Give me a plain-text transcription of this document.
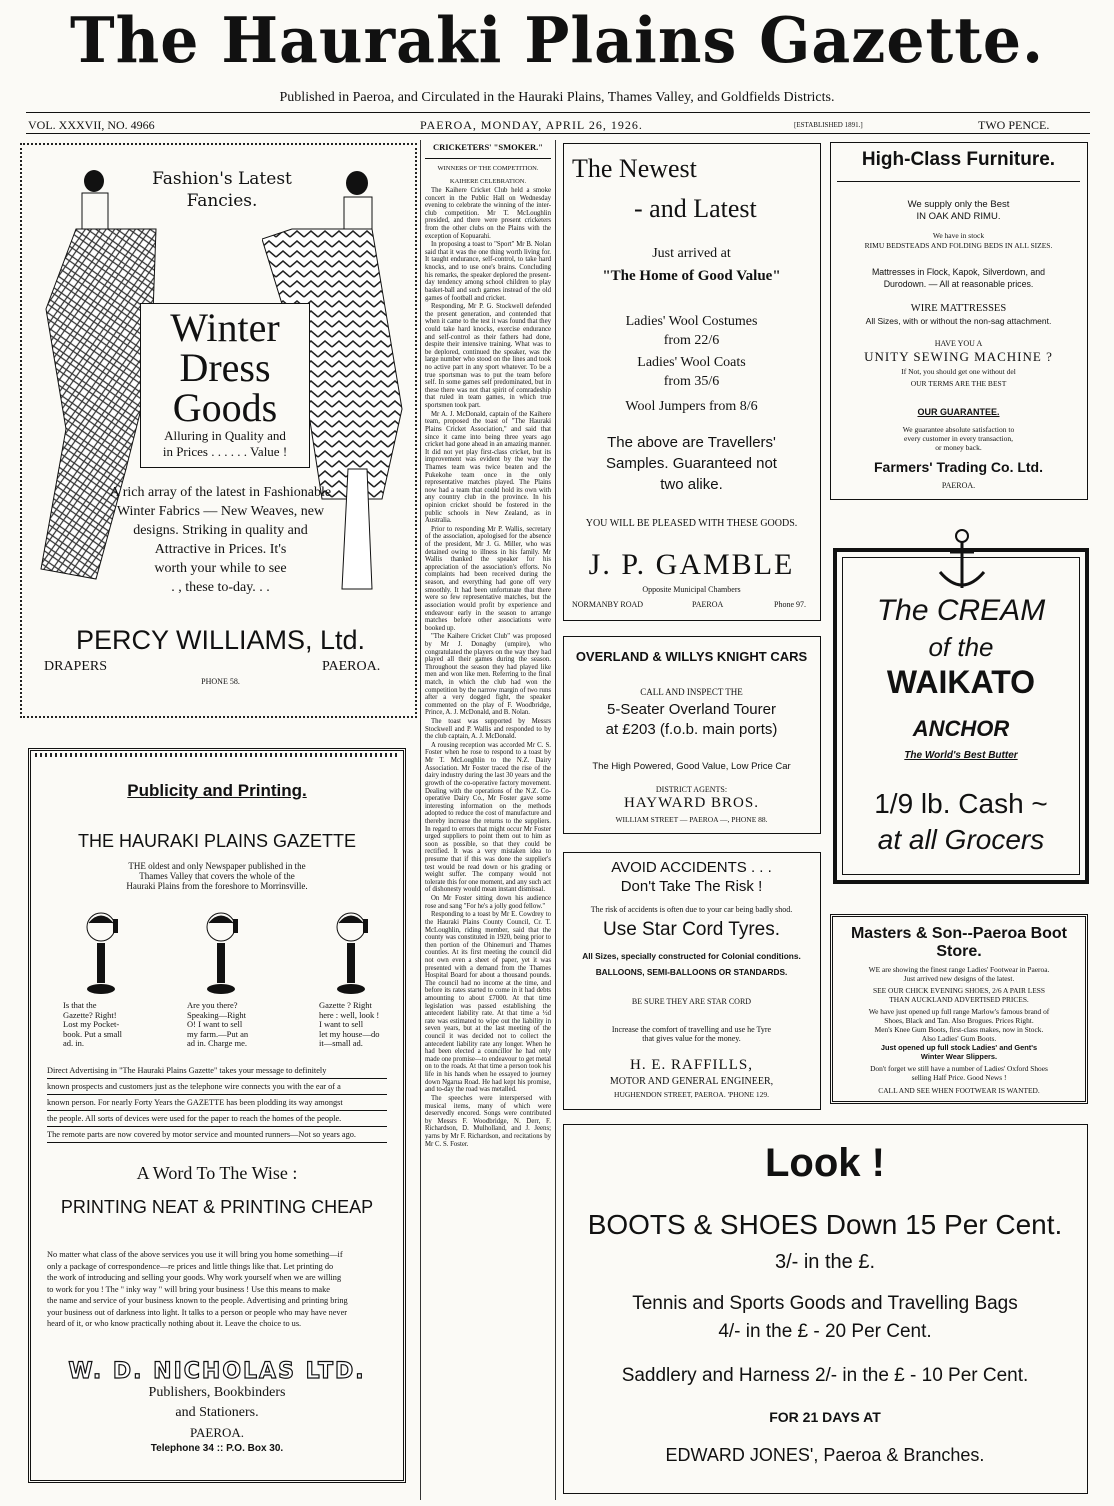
The Hauraki Plains Gazette.
Published in Paeroa, and Circulated in the Hauraki Plains, Thames Valley, and Goldfields Districts.
VOL. XXXVII, NO. 4966	PAEROA, MONDAY, APRIL 26, 1926.	[ESTABLISHED 1891.]	TWO PENCE.

Fashion's Latest

Fancies.

Winter

Dress

Goods

Alluring in Quality and

in Prices . . . . . . Value !

A rich array of the latest in Fashionable

Winter Fabrics — New Weaves, new

designs. Striking in quality and

Attractive in Prices. It's

worth your while to see

. , these to-day. . .

PERCY WILLIAMS, Ltd.

DRAPERS	PAEROA.

PHONE 58.

Publicity and Printing.

THE HAURAKI PLAINS GAZETTE

THE oldest and only Newspaper published in the

Thames Valley that covers the whole of the

Hauraki Plains from the foreshore to Morrinsville.

Is that the

Gazette? Right!

Lost my Pocket-

book. Put a small

ad. in.

Are you there?

Speaking—Right

O! I want to sell

my farm.—Put an

ad in. Charge me.

Gazette ? Right

here : well, look !

I want to sell

let my house—do

it—small ad.

Direct Advertising in "The Hauraki Plains Gazette" takes your message to definitely

known prospects and customers just as the telephone wire connects you with the ear of a

known person. For nearly Forty Years the GAZETTE has been plodding its way amongst

the people. All sorts of devices were used for the paper to reach the homes of the people.

The remote parts are now covered by motor service and mounted runners—Not so years ago.

A Word To The Wise :

PRINTING NEAT & PRINTING CHEAP

No matter what class of the above services you use it will bring you home something—if

only a package of correspondence—re prices and little things like that. Let printing do

the work of introducing and selling your goods. Why work yourself when we are willing

to work for you ! The " inky way " will bring your business ! Use this means to make

the name and service of your business known to the people. Advertising and printing bring

your business out of darkness into light. It talks to a person or people who may have never

heard of it, or who know practically nothing about it. Leave the choice to us.

W. D. NICHOLAS LTD.

Publishers, Bookbinders

and Stationers.

PAEROA.

Telephone 34 :: P.O. Box 30.

CRICKETERS' "SMOKER."

WINNERS OF THE COMPETITION.

KAIHERE CELEBRATION.

The Kaihere Cricket Club held a smoke concert in the Public Hall on Wednesday evening to celebrate the winning of the inter-club competition. Mr T. McLoughlin presided, and there were present cricketers from the other clubs on the Plains with the exception of Kopuarahi.

In proposing a toast to "Sport" Mr B. Nolan said that it was the one thing worth living for. It taught endurance, self-control, to take hard knocks, and to use one's brains. Concluding his remarks, the speaker deplored the present-day tendency among school children to play basket-ball and such games instead of the old games of football and cricket.

Responding, Mr P. G. Stockwell defended the present generation, and contended that when it came to the test it was found that they could take hard knocks, exercise endurance and self-control as their fathers had done, despite their intensive training. What was to be deplored, continued the speaker, was the large number who stood on the lines and took no active part in any sport whatever. To be a true sportsman was to put the team before self. In some games self predominated, but in these there was not that spirit of comradeship that ruled in team games, in which true sportsmen took part.

Mr A. J. McDonald, captain of the Kaihere team, proposed the toast of "The Hauraki Plains Cricket Association," and said that since it came into being three years ago cricket had gone ahead in an amazing manner. It did not yet play first-class cricket, but its improvement was evident by the way the Thames team was twice beaten and the Pukekohe team once in the only representative matches played. The Plains now had a team that could hold its own with any country club in the province. In his opinion cricket should be fostered in the public schools in New Zealand, as in Australia.

Prior to responding Mr P. Wallis, secretary of the association, apologised for the absence of the president, Mr J. G. Miller, who was detained owing to illness in his family. Mr Wallis thanked the speaker for his appreciation of the association's efforts. No complaints had been received during the season, and everything had gone off very smoothly. It had been unfortunate that there were so few representative matches, but the association would profit by experience and endeavour early in the season to arrange matches before other associations were booked up.

"The Kaihere Cricket Club" was proposed by Mr J. Donagby (umpire), who congratulated the players on the way they had played all their games during the season. Throughout the season they had played like men and won like men. Referring to the final match, in which the club had won the competition by the narrow margin of two runs after a very dogged fight, the speaker commented on the play of F. Woodbridge, Prince, A. J. McDonald, and B. Nolan.

The toast was supported by Messrs Stockwell and P. Wallis and responded to by the club captain, A. J. McDonald.

A rousing reception was accorded Mr C. S. Foster when he rose to respond to a toast by Mr T. McLoughlin to the N.Z. Dairy Association. Mr Foster traced the rise of the dairy industry during the last 30 years and the growth of the co-operative factory movement. Dealing with the operations of the N.Z. Co-operative Dairy Co., Mr Foster gave some interesting information on the methods adopted to reduce the cost of manufacture and thereby increase the returns to the suppliers. In regard to errors that might occur Mr Foster urged suppliers to point them out to him as soon as possible, so that they could be rectified. It was a very mistaken idea to presume that if this was done the supplier's test would be read down or his grading or weight suffer. The company would not tolerate this for one moment, and any such act of dishonesty would mean instant dismissal.

On Mr Foster sitting down his audience rose and sang "For he's a jolly good fellow."

Responding to a toast by Mr E. Cowdrey to the Hauraki Plains County Council, Cr. T. McLoughlin, riding member, said that the county was constituted in 1920, being prior to then portion of the Ohinemuri and Thames counties. At its first meeting the council did not own even a sheet of paper, yet it was presented with a demand from the Thames Hospital Board for about a thousand pounds. The council had no income at the time, and before its rates started to come in it had debts amounting to about £7000. At that time legislation was passed establishing the antecedent liability rate. At that time a ½d rate was estimated to wipe out the liability in seven years, but at the last meeting of the council it was decided not to collect the antecedent liability rate any longer. When he had been elected a councillor he had only made one promise—to endeavour to get metal on to the roads. At that time a person took his life in his hands when he essayed to journey down Ngarua Road. He had kept his promise, and to-day the road was metalled.

The speeches were interspersed with musical items, many of which were deservedly encored. Songs were contributed by Messrs F. Woodbridge, N. Derr, F. Richardson, D. Mulholland, and J. Jeens; yarns by Mr F. Richardson, and recitations by Mr C. S. Foster.

The Newest

- and Latest

Just arrived at

"The Home of Good Value"

Ladies' Wool Costumes

from 22/6

Ladies' Wool Coats

from 35/6

Wool Jumpers from 8/6

The above are Travellers'

Samples. Guaranteed not

two alike.

YOU WILL BE PLEASED WITH THESE GOODS.

J. P. GAMBLE

Opposite Municipal Chambers

NORMANBY ROAD	PAEROA	Phone 97.

OVERLAND & WILLYS KNIGHT CARS

CALL AND INSPECT THE

5-Seater Overland Tourer

at £203 (f.o.b. main ports)

The High Powered, Good Value, Low Price Car

DISTRICT AGENTS:

HAYWARD BROS.

WILLIAM STREET — PAEROA —, PHONE 88.

AVOID ACCIDENTS . . .

Don't Take The Risk !

The risk of accidents is often due to your car being badly shod.

Use Star Cord Tyres.

All Sizes, specially constructed for Colonial conditions.

BALLOONS, SEMI-BALLOONS OR STANDARDS.

BE SURE THEY ARE STAR CORD

Increase the comfort of travelling and use he Tyre

that gives value for the money.

H. E. RAFFILLS,

MOTOR AND GENERAL ENGINEER,

HUGHENDON STREET, PAEROA. 'PHONE 129.

High-Class Furniture.

We supply only the Best

IN OAK AND RIMU.

We have in stock

RIMU BEDSTEADS AND FOLDING BEDS IN ALL SIZES.

Mattresses in Flock, Kapok, Silverdown, and

Durodown. — All at reasonable prices.

WIRE MATTRESSES

All Sizes, with or without the non-sag attachment.

HAVE YOU A

UNITY SEWING MACHINE ?

If Not, you should get one without del

OUR TERMS ARE THE BEST

OUR GUARANTEE.

We guarantee absolute satisfaction to

every customer in every transaction,

or money back.

Farmers' Trading Co. Ltd.

PAEROA.

The CREAM

of the

WAIKATO

ANCHOR

The World's Best Butter

1/9 lb. Cash ~

at all Grocers

Masters & Son--Paeroa Boot Store.

WE are showing the finest range Ladies' Footwear in Paeroa.

Just arrived new designs of the latest.

SEE OUR CHICK EVENING SHOES, 2/6 A PAIR LESS

THAN AUCKLAND ADVERTISED PRICES.

We have just opened up full range Marlow's famous brand of

Shoes, Black and Tan. Also Brogues. Prices Right.

Men's Knee Gum Boots, first-class makes, now in Stock.

Also Ladies' Gum Boots.

Just opened up full stock Ladies' and Gent's

Winter Wear Slippers.

Don't forget we still have a number of Ladies' Oxford Shoes

selling Half Price. Good News !

CALL AND SEE WHEN FOOTWEAR IS WANTED.

Look !

BOOTS & SHOES Down 15 Per Cent.

3/- in the £.

Tennis and Sports Goods and Travelling Bags

4/- in the £ - 20 Per Cent.

Saddlery and Harness 2/- in the £ - 10 Per Cent.

FOR 21 DAYS AT

EDWARD JONES', Paeroa & Branches.
